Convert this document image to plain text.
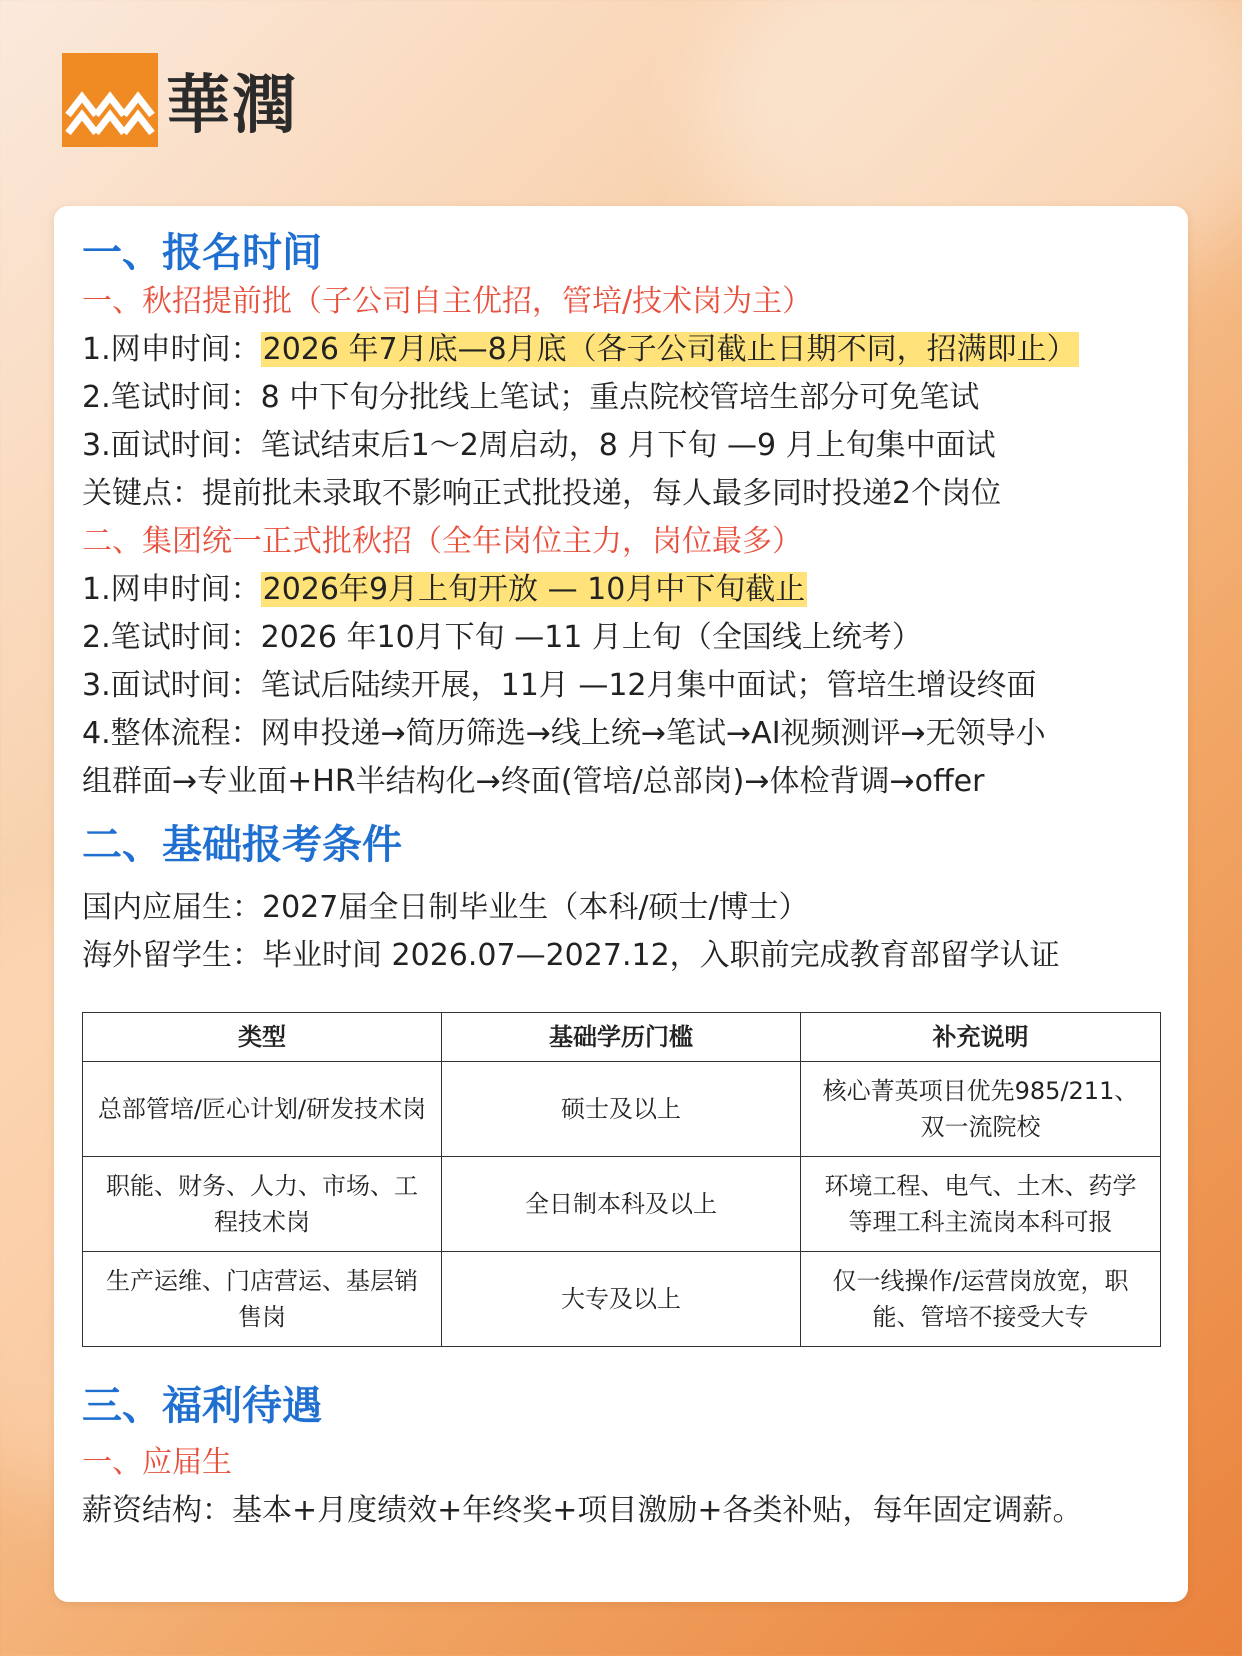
華潤

一、报名时间

一、秋招提前批（子公司自主优招，管培/技术岗为主）

1.网申时间：2026 年7月底—8月底（各子公司截止日期不同，招满即止）

2.笔试时间：8 中下旬分批线上笔试；重点院校管培生部分可免笔试

3.面试时间：笔试结束后1～2周启动，8 月下旬 —9 月上旬集中面试

关键点：提前批未录取不影响正式批投递，每人最多同时投递2个岗位

二、集团统一正式批秋招（全年岗位主力，岗位最多）

1.网申时间：2026年9月上旬开放 — 10月中下旬截止

2.笔试时间：2026 年10月下旬 —11 月上旬（全国线上统考）

3.面试时间：笔试后陆续开展，11月 —12月集中面试；管培生增设终面

4.整体流程：网申投递→简历筛选→线上统→笔试→AI视频测评→无领导小

组群面→专业面+HR半结构化→终面(管培/总部岗)→体检背调→offer

二、基础报考条件

国内应届生：2027届全日制毕业生（本科/硕士/博士）

海外留学生：毕业时间 2026.07—2027.12，入职前完成教育部留学认证

类型	基础学历门槛	补充说明
总部管培/匠心计划/研发技术岗	硕士及以上	核心菁英项目优先985/211、双一流院校
职能、财务、人力、市场、工程技术岗	全日制本科及以上	环境工程、电气、土木、药学等理工科主流岗本科可报
生产运维、门店营运、基层销售岗	大专及以上	仅一线操作/运营岗放宽，职能、管培不接受大专

三、福利待遇

一、应届生

薪资结构：基本+月度绩效+年终奖+项目激励+各类补贴，每年固定调薪。
